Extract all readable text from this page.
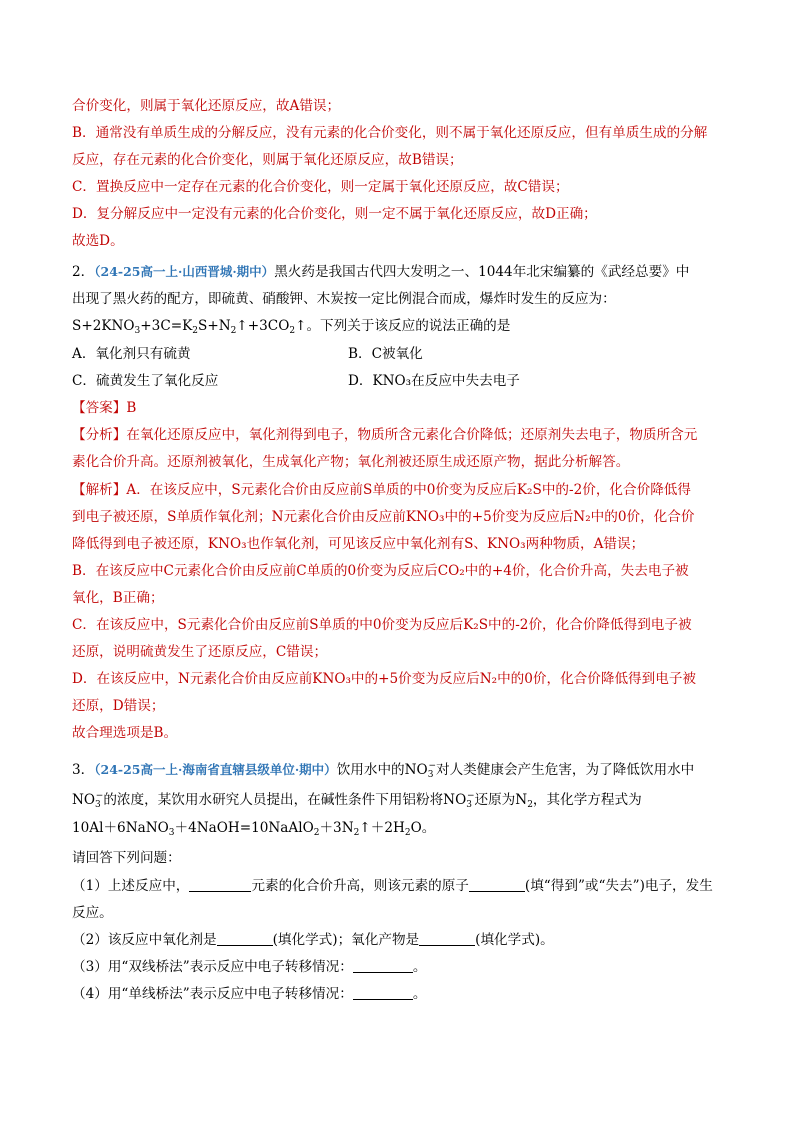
合价变化，则属于氧化还原反应，故A错误；
B．通常没有单质生成的分解反应，没有元素的化合价变化，则不属于氧化还原反应，但有单质生成的分解
反应，存在元素的化合价变化，则属于氧化还原反应，故B错误；
C．置换反应中一定存在元素的化合价变化，则一定属于氧化还原反应，故C错误；
D．复分解反应中一定没有元素的化合价变化，则一定不属于氧化还原反应，故D正确；
故选D。
2．（24-25高一上·山西晋城·期中）黑火药是我国古代四大发明之一、1044年北宋编纂的《武经总要》中
出现了黑火药的配方，即硫黄、硝酸钾、木炭按一定比例混合而成，爆炸时发生的反应为：
$S+2KNO_3+3C=K_2S+N_2↑+3CO_2↑$。下列关于该反应的说法正确的是
A．氧化剂只有硫黄	B．C被氧化
C．硫黄发生了氧化反应	D．KNO₃在反应中失去电子
【答案】B
【分析】在氧化还原反应中，氧化剂得到电子，物质所含元素化合价降低；还原剂失去电子，物质所含元
素化合价升高。还原剂被氧化，生成氧化产物；氧化剂被还原生成还原产物，据此分析解答。
【解析】A．在该反应中，S元素化合价由反应前S单质的中0价变为反应后K₂S中的-2价，化合价降低得
到电子被还原，S单质作氧化剂；N元素化合价由反应前KNO₃中的+5价变为反应后N₂中的0价，化合价
降低得到电子被还原，KNO₃也作氧化剂，可见该反应中氧化剂有S、KNO₃两种物质，A错误；
B．在该反应中C元素化合价由反应前C单质的0价变为反应后CO₂中的+4价，化合价升高，失去电子被
氧化，B正确；
C．在该反应中，S元素化合价由反应前S单质的中0价变为反应后K₂S中的-2价，化合价降低得到电子被
还原，说明硫黄发生了还原反应，C错误；
D．在该反应中，N元素化合价由反应前KNO₃中的+5价变为反应后N₂中的0价，化合价降低得到电子被
还原，D错误；
故合理选项是B。
3．（24-25高一上·海南省直辖县级单位·期中）饮用水中的$NO_3^-$对人类健康会产生危害，为了降低饮用水中
$NO_3^-$的浓度，某饮用水研究人员提出，在碱性条件下用铝粉将$NO_3^-$还原为$N_2$，其化学方程式为
$10Al+6NaNO_3+4NaOH=10NaAlO_2+3N_2↑+2H_2O$。
请回答下列问题：
（1）上述反应中，	元素的化合价升高，则该元素的原子	(填“得到”或“失去”)电子，发生
反应。
（2）该反应中氧化剂是	(填化学式)；氧化产物是	(填化学式)。
（3）用“双线桥法”表示反应中电子转移情况：	。
（4）用“单线桥法”表示反应中电子转移情况：	。
